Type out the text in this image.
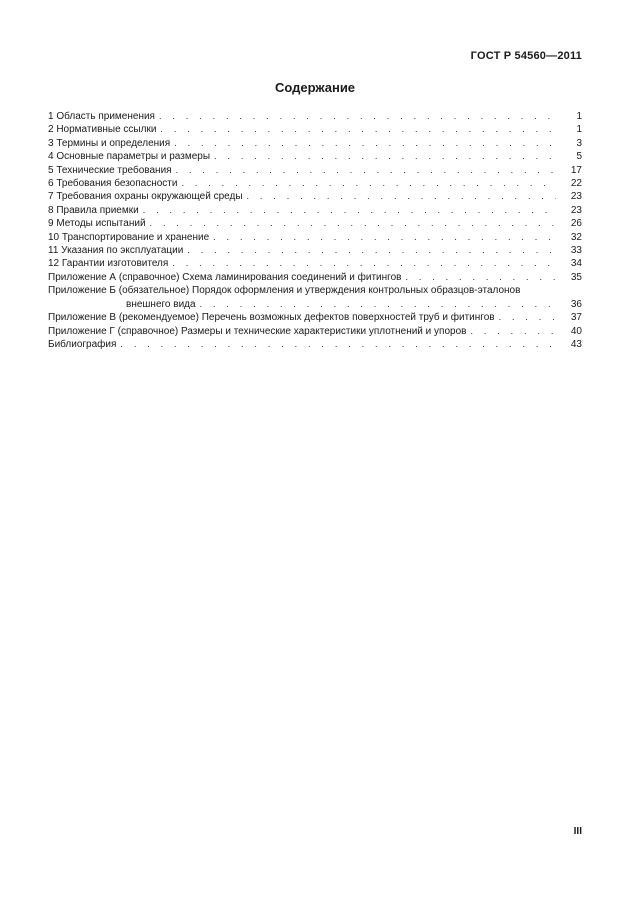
ГОСТ Р 54560—2011
Содержание
1 Область применения . . .	1
2 Нормативные ссылки . . .	1
3 Термины и определения . . .	3
4 Основные параметры и размеры . . .	5
5 Технические требования . . .	17
6 Требования безопасности . . .	22
7 Требования охраны окружающей среды . . .	23
8 Правила приемки . . .	23
9 Методы испытаний . . .	26
10 Транспортирование и хранение . . .	32
11 Указания по эксплуатации . . .	33
12 Гарантии изготовителя . . .	34
Приложение А (справочное) Схема ламинирования соединений и фитингов . . .	35
Приложение Б (обязательное) Порядок оформления и утверждения контрольных образцов-эталонов
внешнего вида . . .	36
Приложение В (рекомендуемое) Перечень возможных дефектов поверхностей труб и фитингов . . .	37
Приложение Г (справочное) Размеры и технические характеристики уплотнений и упоров . . .	40
Библиография . . .	43
III
